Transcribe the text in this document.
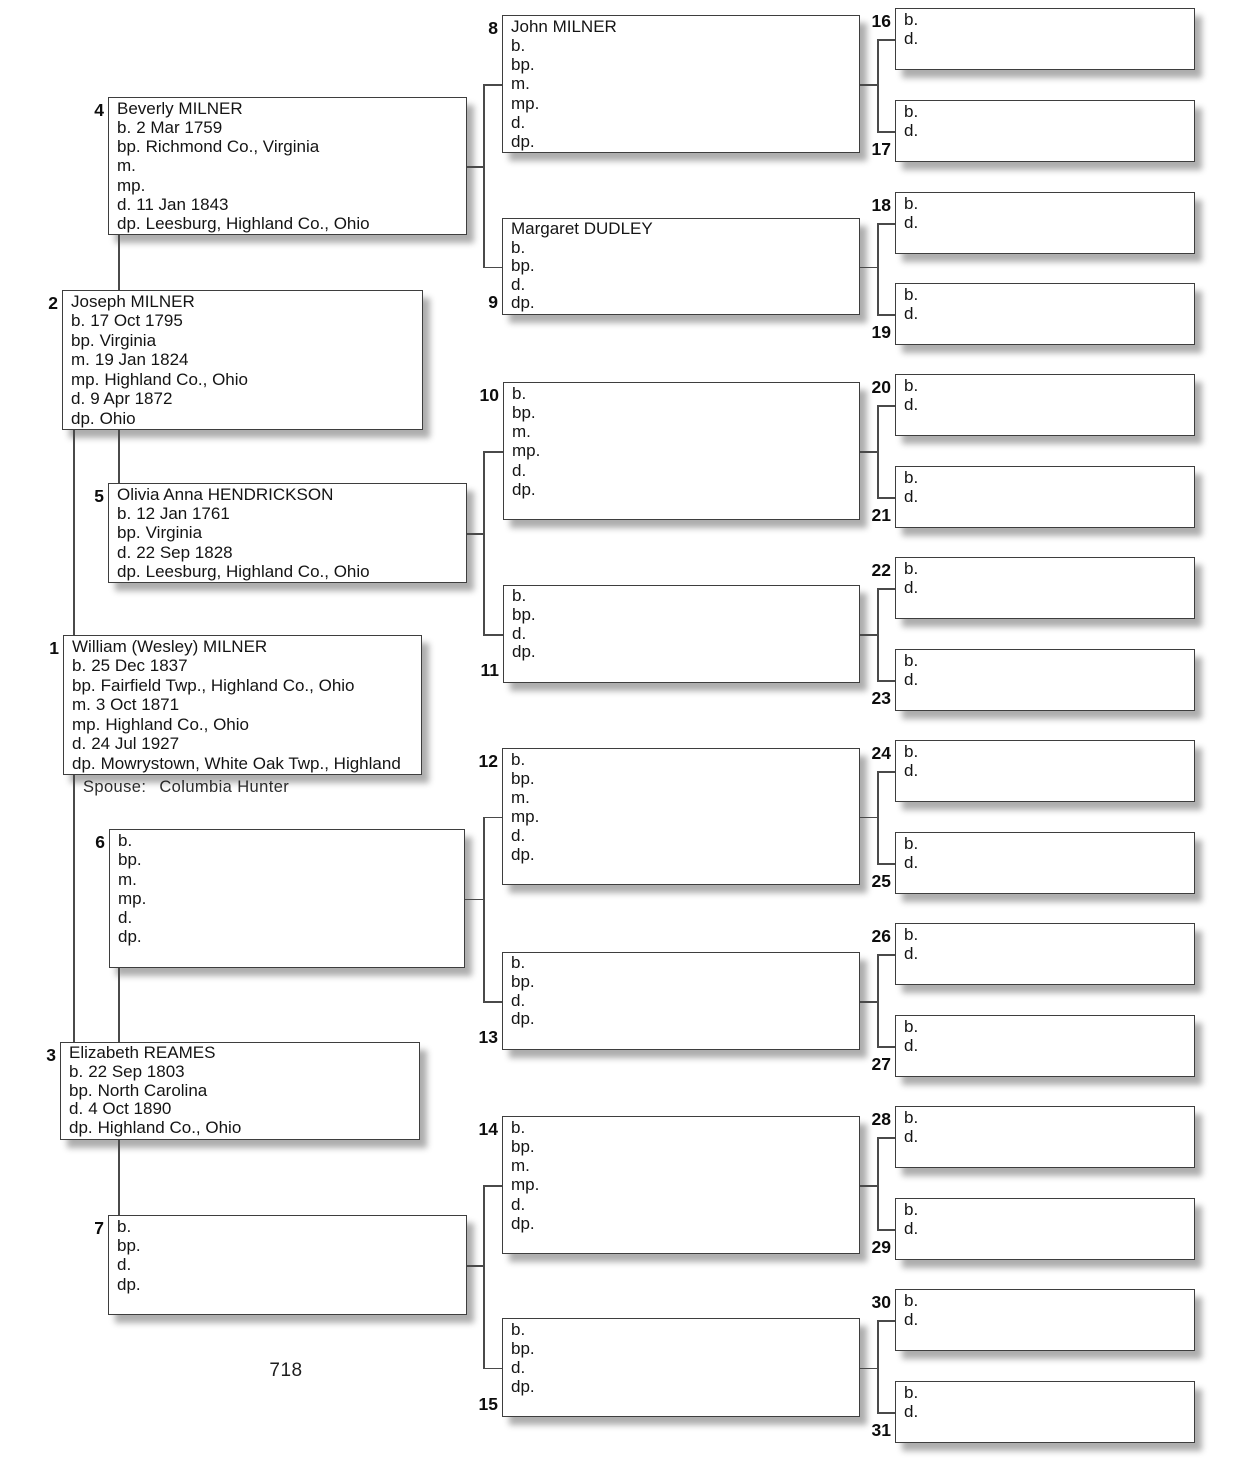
Spouse: Columbia Hunter
718
William (Wesley) MILNER
b. 25 Dec 1837
bp. Fairfield Twp., Highland Co., Ohio
m. 3 Oct 1871
mp. Highland Co., Ohio
d. 24 Jul 1927
dp. Mowrystown, White Oak Twp., Highland
1
Joseph MILNER
b. 17 Oct 1795
bp. Virginia
m. 19 Jan 1824
mp. Highland Co., Ohio
d. 9 Apr 1872
dp. Ohio
2
Elizabeth REAMES
b. 22 Sep 1803
bp. North Carolina
d. 4 Oct 1890
dp. Highland Co., Ohio
3
Beverly MILNER
b. 2 Mar 1759
bp. Richmond Co., Virginia
m.
mp.
d. 11 Jan 1843
dp. Leesburg, Highland Co., Ohio
4
Olivia Anna HENDRICKSON
b. 12 Jan 1761
bp. Virginia
d. 22 Sep 1828
dp. Leesburg, Highland Co., Ohio
5
b.
bp.
m.
mp.
d.
dp.
6
b.
bp.
d.
dp.
7
John MILNER
b.
bp.
m.
mp.
d.
dp.
8
Margaret DUDLEY
b.
bp.
d.
dp.
9
b.
bp.
m.
mp.
d.
dp.
10
b.
bp.
d.
dp.
11
b.
bp.
m.
mp.
d.
dp.
12
b.
bp.
d.
dp.
13
b.
bp.
m.
mp.
d.
dp.
14
b.
bp.
d.
dp.
15
b.
d.
16
b.
d.
17
b.
d.
18
b.
d.
19
b.
d.
20
b.
d.
21
b.
d.
22
b.
d.
23
b.
d.
24
b.
d.
25
b.
d.
26
b.
d.
27
b.
d.
28
b.
d.
29
b.
d.
30
b.
d.
31
